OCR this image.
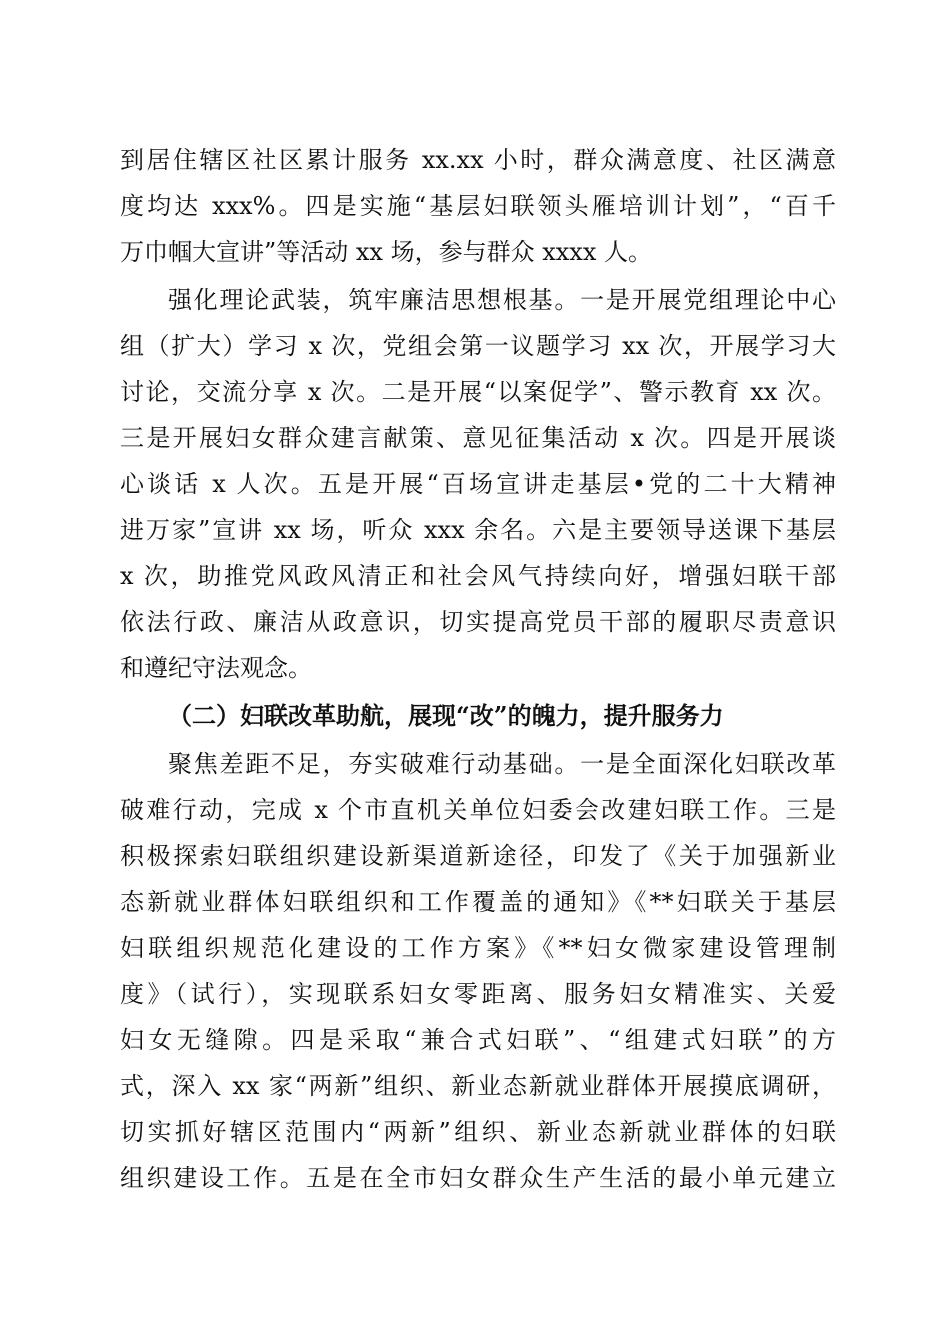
到居住辖区社区累计服务 xx.xx 小时，群众满意度、社区满意
度均达 xxx%。四是实施“基层妇联领头雁培训计划”，“百千
万巾帼大宣讲”等活动 xx 场，参与群众 xxxx 人。
强化理论武装，筑牢廉洁思想根基。一是开展党组理论中心
组（扩大）学习 x 次，党组会第一议题学习 xx 次，开展学习大
讨论，交流分享 x 次。二是开展“以案促学”、警示教育 xx 次。
三是开展妇女群众建言献策、意见征集活动 x 次。四是开展谈
心谈话 x 人次。五是开展“百场宣讲走基层•党的二十大精神
进万家”宣讲 xx 场，听众 xxx 余名。六是主要领导送课下基层
x 次，助推党风政风清正和社会风气持续向好，增强妇联干部
依法行政、廉洁从政意识，切实提高党员干部的履职尽责意识
和遵纪守法观念。
（二）妇联改革助航，展现“改”的魄力，提升服务力
聚焦差距不足，夯实破难行动基础。一是全面深化妇联改革
破难行动，完成 x 个市直机关单位妇委会改建妇联工作。三是
积极探索妇联组织建设新渠道新途径，印发了《关于加强新业
态新就业群体妇联组织和工作覆盖的通知》《**妇联关于基层
妇联组织规范化建设的工作方案》《**妇女微家建设管理制
度》（试行），实现联系妇女零距离、服务妇女精准实、关爱
妇女无缝隙。四是采取“兼合式妇联”、“组建式妇联”的方
式，深入 xx 家“两新”组织、新业态新就业群体开展摸底调研，
切实抓好辖区范围内“两新”组织、新业态新就业群体的妇联
组织建设工作。五是在全市妇女群众生产生活的最小单元建立
